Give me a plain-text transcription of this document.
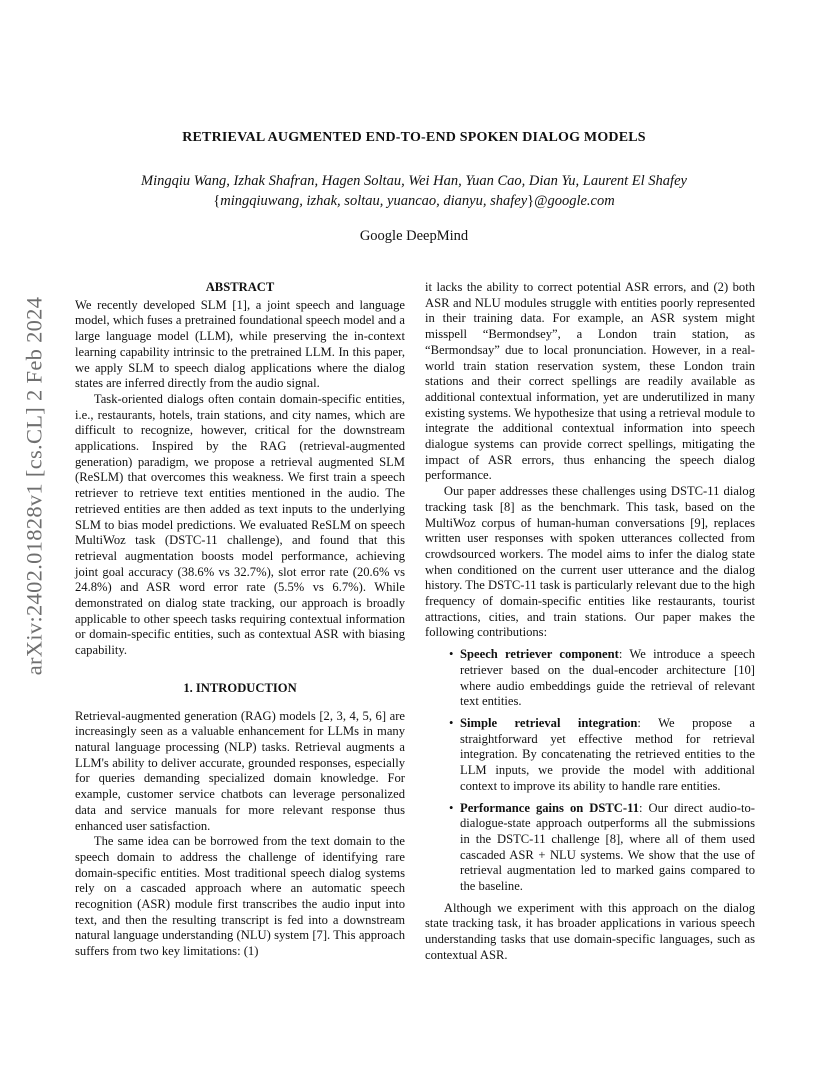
arXiv:2402.01828v1 [cs.CL] 2 Feb 2024
RETRIEVAL AUGMENTED END-TO-END SPOKEN DIALOG MODELS
Mingqiu Wang, Izhak Shafran, Hagen Soltau, Wei Han, Yuan Cao, Dian Yu, Laurent El Shafey
{mingqiuwang, izhak, soltau, yuancao, dianyu, shafey}@google.com
Google DeepMind
ABSTRACT

We recently developed SLM [1], a joint speech and language model, which fuses a pretrained foundational speech model and a large language model (LLM), while preserving the in-context learning capability intrinsic to the pretrained LLM. In this paper, we apply SLM to speech dialog applications where the dialog states are inferred directly from the audio signal.

Task-oriented dialogs often contain domain-specific entities, i.e., restaurants, hotels, train stations, and city names, which are difficult to recognize, however, critical for the downstream applications. Inspired by the RAG (retrieval-augmented generation) paradigm, we propose a retrieval augmented SLM (ReSLM) that overcomes this weakness. We first train a speech retriever to retrieve text entities mentioned in the audio. The retrieved entities are then added as text inputs to the underlying SLM to bias model predictions. We evaluated ReSLM on speech MultiWoz task (DSTC-11 challenge), and found that this retrieval augmentation boosts model performance, achieving joint goal accuracy (38.6% vs 32.7%), slot error rate (20.6% vs 24.8%) and ASR word error rate (5.5% vs 6.7%). While demonstrated on dialog state tracking, our approach is broadly applicable to other speech tasks requiring contextual information or domain-specific entities, such as contextual ASR with biasing capability.

1. INTRODUCTION

Retrieval-augmented generation (RAG) models [2, 3, 4, 5, 6] are increasingly seen as a valuable enhancement for LLMs in many natural language processing (NLP) tasks. Retrieval augments a LLM's ability to deliver accurate, grounded responses, especially for queries demanding specialized domain knowledge. For example, customer service chatbots can leverage personalized data and service manuals for more relevant response thus enhanced user satisfaction.

The same idea can be borrowed from the text domain to the speech domain to address the challenge of identifying rare domain-specific entities. Most traditional speech dialog systems rely on a cascaded approach where an automatic speech recognition (ASR) module first transcribes the audio input into text, and then the resulting transcript is fed into a downstream natural language understanding (NLU) system [7]. This approach suffers from two key limitations: (1)

it lacks the ability to correct potential ASR errors, and (2) both ASR and NLU modules struggle with entities poorly represented in their training data. For example, an ASR system might misspell “Bermondsey”, a London train station, as “Bermondsay” due to local pronunciation. However, in a real-world train station reservation system, these London train stations and their correct spellings are readily available as additional contextual information, yet are underutilized in many existing systems. We hypothesize that using a retrieval module to integrate the additional contextual information into speech dialogue systems can provide correct spellings, mitigating the impact of ASR errors, thus enhancing the speech dialog performance.

Our paper addresses these challenges using DSTC-11 dialog tracking task [8] as the benchmark. This task, based on the MultiWoz corpus of human-human conversations [9], replaces written user responses with spoken utterances collected from crowdsourced workers. The model aims to infer the dialog state when conditioned on the current user utterance and the dialog history. The DSTC-11 task is particularly relevant due to the high frequency of domain-specific entities like restaurants, tourist attractions, cities, and train stations. Our paper makes the following contributions:

• Speech retriever component: We introduce a speech retriever based on the dual-encoder architecture [10] where audio embeddings guide the retrieval of relevant text entities.
• Simple retrieval integration: We propose a straightforward yet effective method for retrieval integration. By concatenating the retrieved entities to the LLM inputs, we provide the model with additional context to improve its ability to handle rare entities.
• Performance gains on DSTC-11: Our direct audio-to-dialogue-state approach outperforms all the submissions in the DSTC-11 challenge [8], where all of them used cascaded ASR + NLU systems. We show that the use of retrieval augmentation led to marked gains compared to the baseline.

Although we experiment with this approach on the dialog state tracking task, it has broader applications in various speech understanding tasks that use domain-specific languages, such as contextual ASR.
